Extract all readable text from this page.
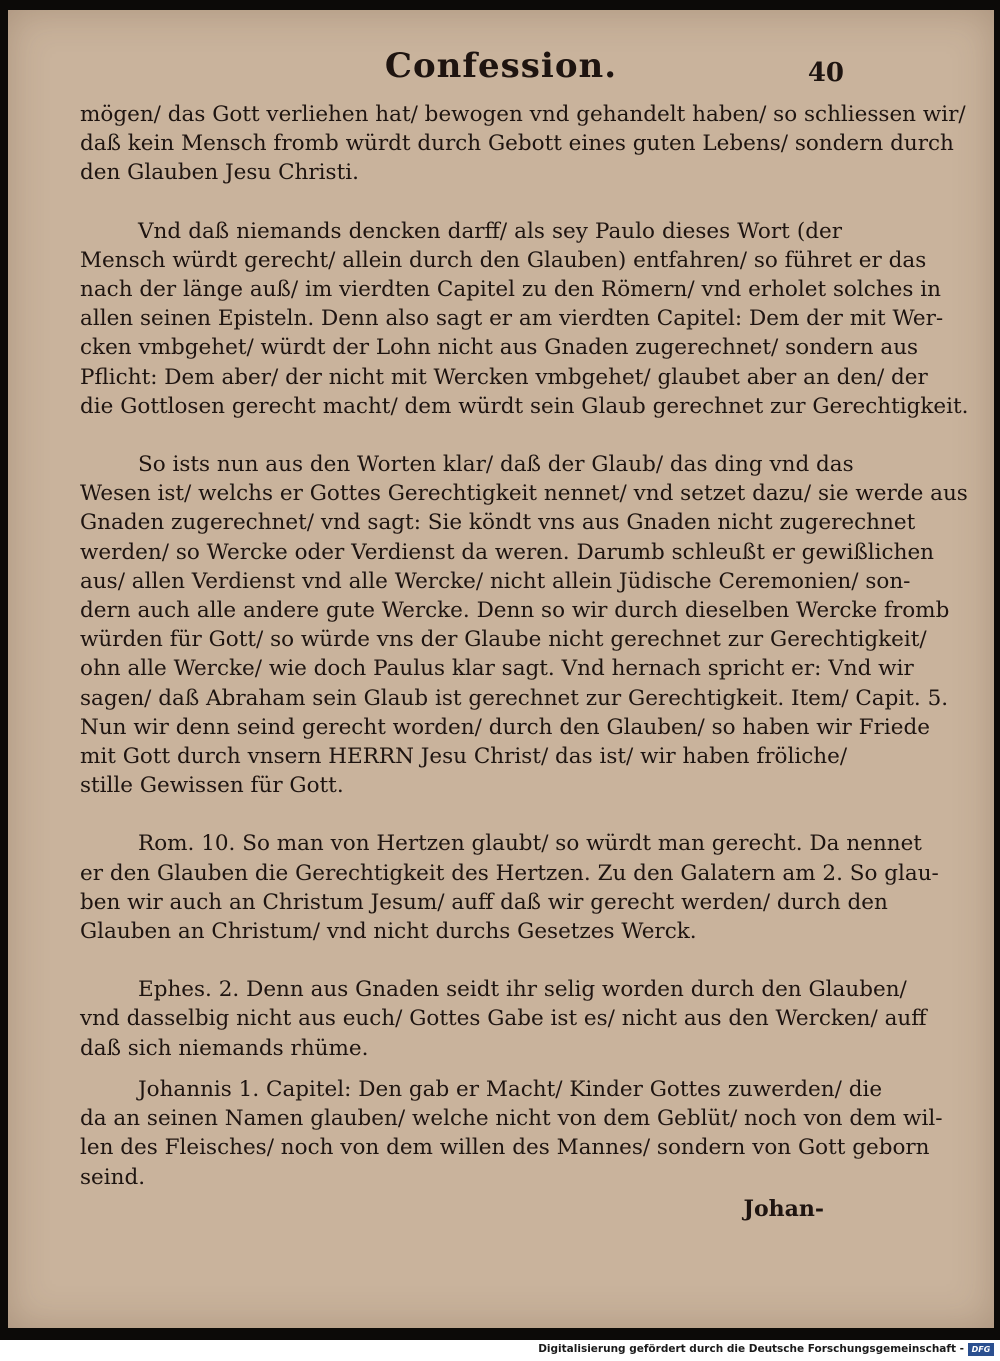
Confession.	40

mögen/ das Gott verliehen hat/ bewogen vnd gehandelt haben/ so schliessen wir/
daß kein Mensch fromb würdt durch Gebott eines guten Lebens/ sondern durch
den Glauben Jesu Christi.

Vnd daß niemands dencken darff/ als sey Paulo dieses Wort (der
Mensch würdt gerecht/ allein durch den Glauben) entfahren/ so führet er das
nach der länge auß/ im vierdten Capitel zu den Römern/ vnd erholet solches in
allen seinen Episteln. Denn also sagt er am vierdten Capitel: Dem der mit Wer-
cken vmbgehet/ würdt der Lohn nicht aus Gnaden zugerechnet/ sondern aus
Pflicht: Dem aber/ der nicht mit Wercken vmbgehet/ glaubet aber an den/ der
die Gottlosen gerecht macht/ dem würdt sein Glaub gerechnet zur Gerechtigkeit.

So ists nun aus den Worten klar/ daß der Glaub/ das ding vnd das
Wesen ist/ welchs er Gottes Gerechtigkeit nennet/ vnd setzet dazu/ sie werde aus
Gnaden zugerechnet/ vnd sagt: Sie köndt vns aus Gnaden nicht zugerechnet
werden/ so Wercke oder Verdienst da weren. Darumb schleußt er gewißlichen
aus/ allen Verdienst vnd alle Wercke/ nicht allein Jüdische Ceremonien/ son-
dern auch alle andere gute Wercke. Denn so wir durch dieselben Wercke fromb
würden für Gott/ so würde vns der Glaube nicht gerechnet zur Gerechtigkeit/
ohn alle Wercke/ wie doch Paulus klar sagt. Vnd hernach spricht er: Vnd wir
sagen/ daß Abraham sein Glaub ist gerechnet zur Gerechtigkeit. Item/ Capit. 5.
Nun wir denn seind gerecht worden/ durch den Glauben/ so haben wir Friede
mit Gott durch vnsern HERRN Jesu Christ/ das ist/ wir haben fröliche/
stille Gewissen für Gott.

Rom. 10. So man von Hertzen glaubt/ so würdt man gerecht. Da nennet
er den Glauben die Gerechtigkeit des Hertzen. Zu den Galatern am 2. So glau-
ben wir auch an Christum Jesum/ auff daß wir gerecht werden/ durch den
Glauben an Christum/ vnd nicht durchs Gesetzes Werck.

Ephes. 2. Denn aus Gnaden seidt ihr selig worden durch den Glauben/
vnd dasselbig nicht aus euch/ Gottes Gabe ist es/ nicht aus den Wercken/ auff
daß sich niemands rhüme.

Johannis 1. Capitel: Den gab er Macht/ Kinder Gottes zuwerden/ die
da an seinen Namen glauben/ welche nicht von dem Geblüt/ noch von dem wil-
len des Fleisches/ noch von dem willen des Mannes/ sondern von Gott geborn
seind.

Johan-
Digitalisierung gefördert durch die Deutsche Forschungsgemeinschaft - DFG
